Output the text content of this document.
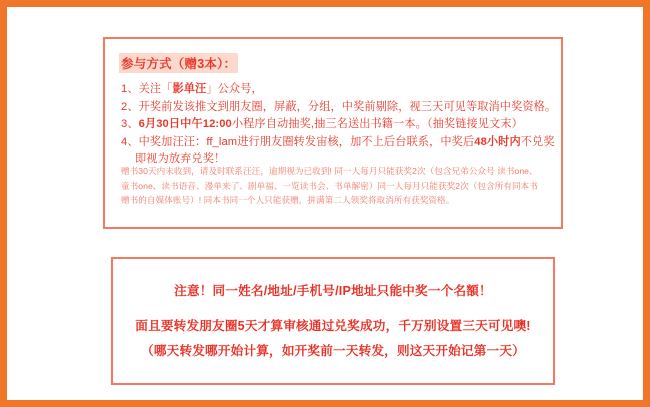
参与方式（赠3本）：
1、关注「影单汪」公众号，
2、开奖前发该推文到朋友圈，屏蔽，分组，中奖前剔除，视三天可见等取消中奖资格。
3、6月30日中午12:00小程序自动抽奖,抽三名送出书籍一本。（抽奖链接见文末）
4、中奖加汪汪：ff_lam进行朋友圈转发宙核，加不上后台联系，中奖后48小时内不兑奖
即视为放弃兑奖！
赠书30天内未收到，请及时联系汪汪，逾期视为已收到! 同一人每月只能获奖2次（包含兄弟公众号 读书one、
童书one、读书语音、漫单来了、剧单福、一览读书会、书单解密）同一人每月只能获奖2次（包含所有同本书
赠书的自媒体账号）! 同本书同一个人只能获赠，拼满第二人领奖将取消所有获奖资格。
注意！同一姓名/地址/手机号/IP地址只能中奖一个名額！
面且要转发朋友圈5天才算审核通过兑奖成功，千万别设置三天可见噢!
（哪天转发哪开始计算，如开奖前一天转发，则这天开始记第一天）
